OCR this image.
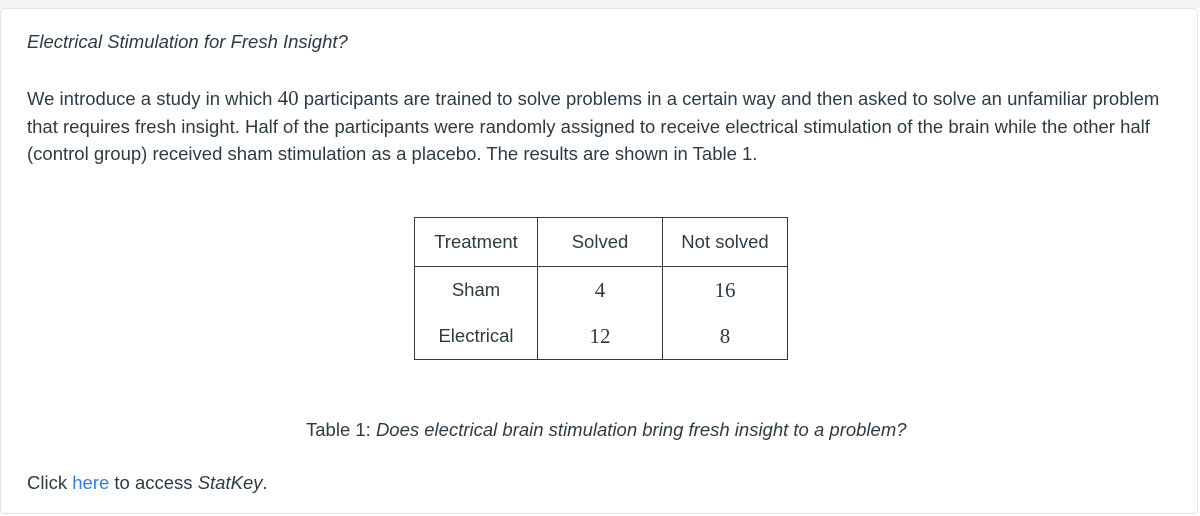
Electrical Stimulation for Fresh Insight?
We introduce a study in which 40 participants are trained to solve problems in a certain way and then asked to solve an unfamiliar problem that requires fresh insight. Half of the participants were randomly assigned to receive electrical stimulation of the brain while the other half (control group) received sham stimulation as a placebo. The results are shown in Table 1.
Treatment	Solved	Not solved
Sham	4	16
Electrical	12	8
Table 1: Does electrical brain stimulation bring fresh insight to a problem?
Click here to access StatKey.
